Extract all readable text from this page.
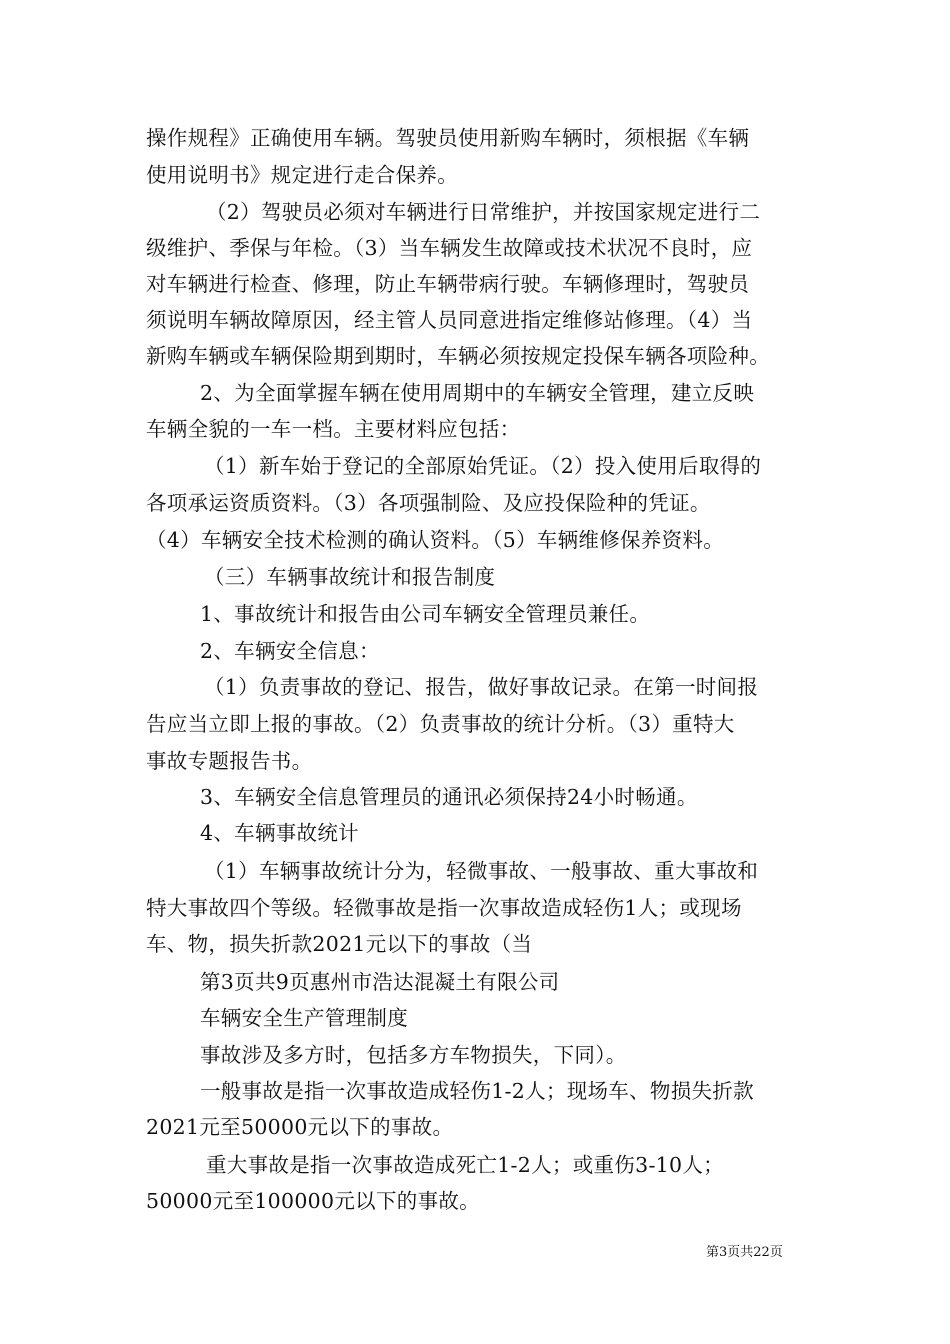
操作规程》正确使用车辆。驾驶员使用新购车辆时，须根据《车辆
使用说明书》规定进行走合保养。
（2）驾驶员必须对车辆进行日常维护，并按国家规定进行二
级维护、季保与年检。（3）当车辆发生故障或技术状况不良时，应
对车辆进行检查、修理，防止车辆带病行驶。车辆修理时，驾驶员
须说明车辆故障原因，经主管人员同意进指定维修站修理。（4）当
新购车辆或车辆保险期到期时，车辆必须按规定投保车辆各项险种。
2、为全面掌握车辆在使用周期中的车辆安全管理，建立反映
车辆全貌的一车一档。主要材料应包括：
（1）新车始于登记的全部原始凭证。（2）投入使用后取得的
各项承运资质资料。（3）各项强制险、及应投保险种的凭证。
（4）车辆安全技术检测的确认资料。（5）车辆维修保养资料。
（三）车辆事故统计和报告制度
1、事故统计和报告由公司车辆安全管理员兼任。
2、车辆安全信息：
（1）负责事故的登记、报告，做好事故记录。在第一时间报
告应当立即上报的事故。（2）负责事故的统计分析。（3）重特大
事故专题报告书。
3、车辆安全信息管理员的通讯必须保持24小时畅通。
4、车辆事故统计
（1）车辆事故统计分为，轻微事故、一般事故、重大事故和
特大事故四个等级。轻微事故是指一次事故造成轻伤1人；或现场
车、物，损失折款2021元以下的事故（当
第3页共9页惠州市浩达混凝土有限公司
车辆安全生产管理制度
事故涉及多方时，包括多方车物损失，下同）。
一般事故是指一次事故造成轻伤1-2人；现场车、物损失折款
2021元至50000元以下的事故。
重大事故是指一次事故造成死亡1-2人；或重伤3-10人；
50000元至100000元以下的事故。
第3页共22页
